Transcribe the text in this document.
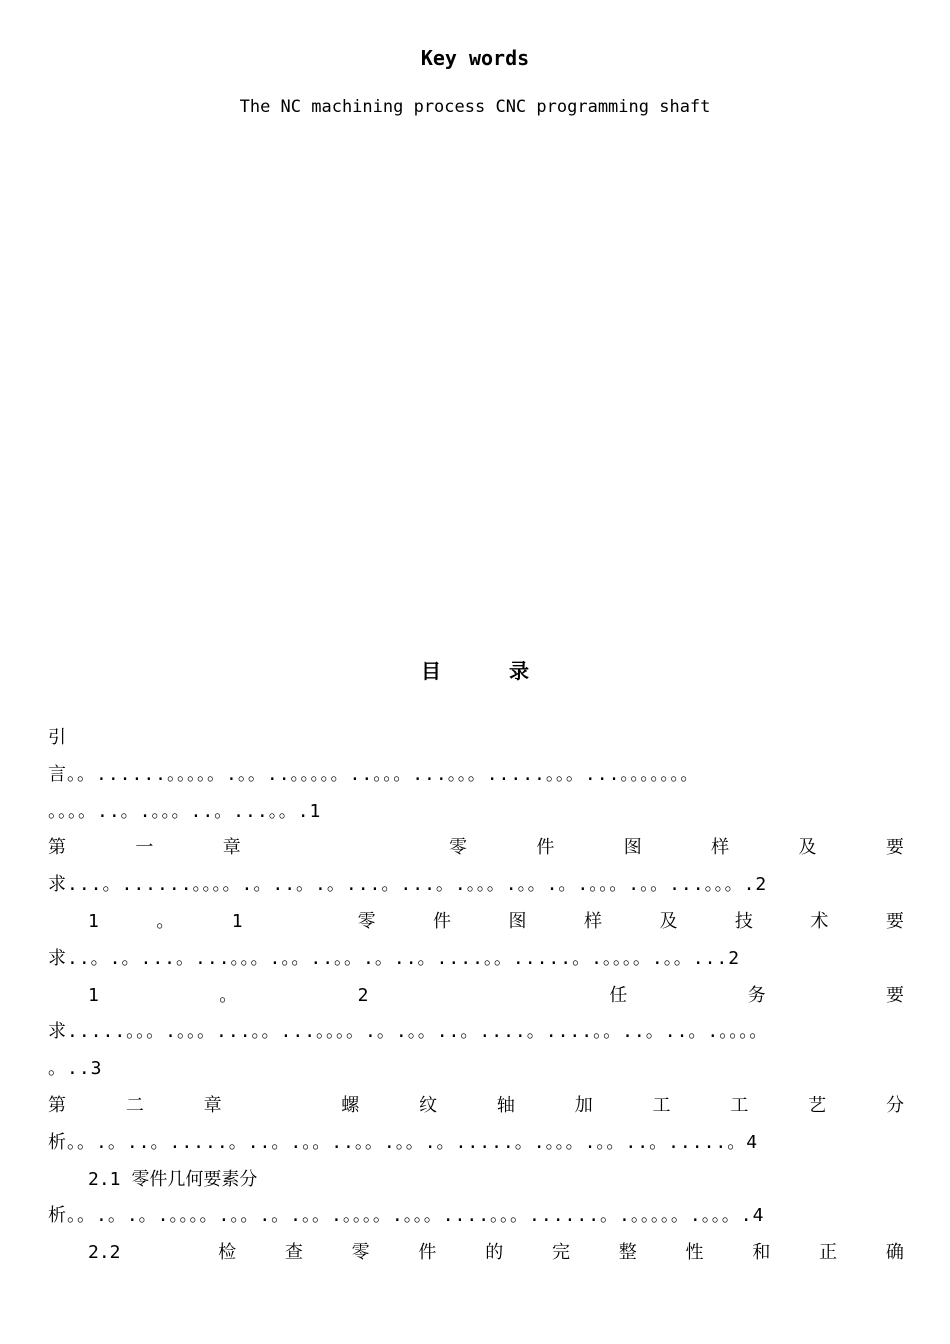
Key words
The NC machining process CNC programming shaft
目 录
引
言。。......。。。。。.。。..。。。。。..。。。...。。。.....。。。...。。。。。。。
。。。。..。.。。。..。...。。.1
第	一	章	零	件	图	样	及	要
求...。......。。。。.。..。.。...。...。.。。。.。。.。.。。。.。。...。。。.2
1	。	1	零	件	图	样	及	技	术	要
求..。.。...。...。。。.。。..。。.。..。....。。.....。.。。。。.。。...2
1	。	2	任	务	要
求.....。。。.。。。...。。...。。。。.。.。。..。....。....。。..。..。.。。。。
。..3
第	二	章	螺	纹	轴	加	工	工	艺	分
析。。.。..。.....。..。.。。..。。.。。.。.....。.。。。.。。..。.....。4
2.1 零件几何要素分
析。。.。.。.。。。。.。。.。.。。.。。。。.。。。....。。。......。.。。。。。.。。。.4
2.2	检	查	零	件	的	完	整	性	和	正	确
